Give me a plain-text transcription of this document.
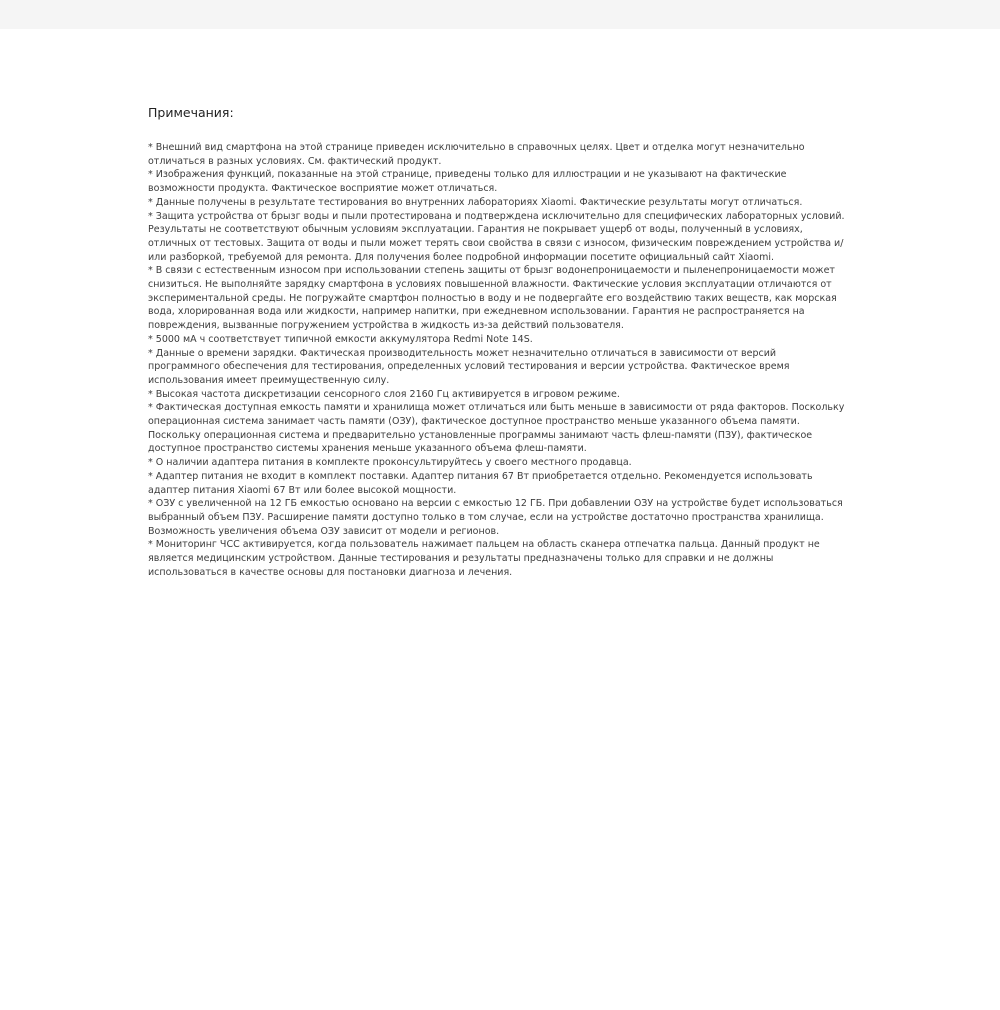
Примечания:
* Внешний вид смартфона на этой странице приведен исключительно в справочных целях. Цвет и отделка могут незначительно отличаться в разных условиях. См. фактический продукт.
* Изображения функций, показанные на этой странице, приведены только для иллюстрации и не указывают на фактические возможности продукта. Фактическое восприятие может отличаться.
* Данные получены в результате тестирования во внутренних лабораториях Xiaomi. Фактические результаты могут отличаться.
* Защита устройства от брызг воды и пыли протестирована и подтверждена исключительно для специфических лабораторных условий. Результаты не соответствуют обычным условиям эксплуатации. Гарантия не покрывает ущерб от воды, полученный в условиях, отличных от тестовых. Защита от воды и пыли может терять свои свойства в связи с износом, физическим повреждением устройства и/или разборкой, требуемой для ремонта. Для получения более подробной информации посетите официальный сайт Xiaomi.
* В связи с естественным износом при использовании степень защиты от брызг водонепроницаемости и пыленепроницаемости может снизиться. Не выполняйте зарядку смартфона в условиях повышенной влажности. Фактические условия эксплуатации отличаются от экспериментальной среды. Не погружайте смартфон полностью в воду и не подвергайте его воздействию таких веществ, как морская вода, хлорированная вода или жидкости, например напитки, при ежедневном использовании. Гарантия не распространяется на повреждения, вызванные погружением устройства в жидкость из-за действий пользователя.
* 5000 мА ч соответствует типичной емкости аккумулятора Redmi Note 14S.
* Данные о времени зарядки. Фактическая производительность может незначительно отличаться в зависимости от версий программного обеспечения для тестирования, определенных условий тестирования и версии устройства. Фактическое время использования имеет преимущественную силу.
* Высокая частота дискретизации сенсорного слоя 2160 Гц активируется в игровом режиме.
* Фактическая доступная емкость памяти и хранилища может отличаться или быть меньше в зависимости от ряда факторов. Поскольку операционная система занимает часть памяти (ОЗУ), фактическое доступное пространство меньше указанного объема памяти. Поскольку операционная система и предварительно установленные программы занимают часть флеш-памяти (ПЗУ), фактическое доступное пространство системы хранения меньше указанного объема флеш-памяти.
* О наличии адаптера питания в комплекте проконсультируйтесь у своего местного продавца.
* Адаптер питания не входит в комплект поставки. Адаптер питания 67 Вт приобретается отдельно. Рекомендуется использовать адаптер питания Xiaomi 67 Вт или более высокой мощности.
* ОЗУ с увеличенной на 12 ГБ емкостью основано на версии с емкостью 12 ГБ. При добавлении ОЗУ на устройстве будет использоваться выбранный объем ПЗУ. Расширение памяти доступно только в том случае, если на устройстве достаточно пространства хранилища. Возможность увеличения объема ОЗУ зависит от модели и регионов.
* Мониторинг ЧСС активируется, когда пользователь нажимает пальцем на область сканера отпечатка пальца. Данный продукт не является медицинским устройством. Данные тестирования и результаты предназначены только для справки и не должны использоваться в качестве основы для постановки диагноза и лечения.
